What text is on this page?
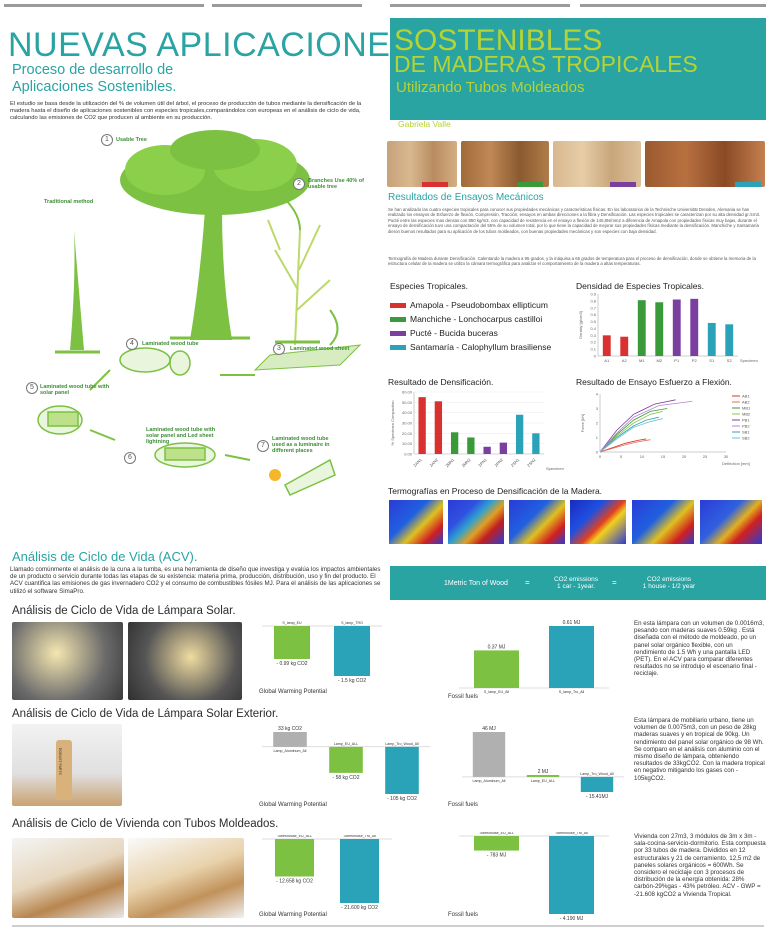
NUEVAS APLICACIONES
SOSTENIBLES
DE MADERAS TROPICALES
Utilizando Tubos Moldeados
Gabriela Valle
Proceso de desarrollo de
Aplicaciones Sostenibles.
El estudio se basa desde la utilización del % de volumen útil del árbol, el proceso de producción de tubos mediante la densificación de la madera hasta el diseño de aplicaciones sostenibles con especies tropicales,comparándolos con europeas en el análisis de ciclo de vida, calculando las emisiones de CO2 que producen al ambiente en su producción.
Traditional method
1	Usable Tree
2	Branches Use 40% of usable tree
3	Laminated wood sheet
4	Laminated wood tube
5	Laminated wood tube with solar panel
6
Laminated wood tube with solar panel and Led sheet lightning	7
Laminated wood tube used as a luminaire in different places
Resultados de Ensayos Mecánicos
Se han analizado las cuatro especies tropicales para conocer sus propiedades mecánicas y características físicas. En los laboratorios de la Technische Universität Dresden, Alemania se han realizado los ensayos de Esfuerzo de flexión, Compresión, Tracción, ensayos en ambas direcciones a la fibra y Densificación. Las especies tropicales se caracterizan por su alta densidad gr./cm3. Pucté entre las especies mas densas con 850 kg/m3, con capacidad de resistencia en el ensayo a flexión de 145,8N/mm2 a diferencia de Amapola con propiedades físicas muy bajas, durante el ensayo de densificación tuvo una compactación del 55% de su volumen total, por lo que tiene la capacidad de mejorar sus propiedades físicas mediante la densificación. Manchiche y Santamaría dieron buenos resultados para su aplicación de los tubos moldeados, con buenas propiedades mecánicas y son especies con baja densidad.
Termografía de Madera durante Densificación. Calentando la madera a 95 grados, y la máquina a 65 grados de temperatura para el proceso de densificación, donde se obtiene la memoria de la estructura celular de la madera se utilizo la cámara termográfica para analizar el comportamiento de la madera a altas temperaturas.
Especies Tropicales.
Amapola - Pseudobombax ellipticum
Manchiche - Lonchocarpus castilloi
Pucté - Bucida buceras
Santamaría - Calophyllum brasiliense
Densidad de Especies Tropicales.
0
0.1
0.2
0.3
0.4
0.5
0.6
0.7
0.8
0.9
A1	A2	M1	M2	P1	P2	S1	S2
Density [g/cm3]
Specimen
Resultado de Densificación.
0.00
10.00
20.00
30.00
40.00
50.00
60.00
2AN1 2AN2 2MN1 2MN2 2PN1 2PN2 2SN1 2SN2
% Specimen Compaction
Specimen
Resultado de Ensayo Esfuerzo a Flexión.
0
1
2
3
4
0	5	10	15	20	25	30
AB1
AB2
MB1
MB2
PB1
PB2
SB1
SB2
Force [kN]
Deflection [mm]
Termografías en Proceso de Densificación de la Madera.
Análisis de Ciclo de Vida (ACV).
Llamado comúnmente el análisis de la cuna a la tumba, es una herramienta de diseño que investiga y evalúa los impactos ambientales de un producto o servicio durante todas las etapas de su existencia: materia prima, producción, distribución, uso y fin del producto. El ACV cuantifica las emisiones de gas invernadero CO2 y el consumo de combustibles fósiles MJ. Para el análisis de las aplicaciones se utilizó el software SimaPro.
1Metric Ton of Wood =	CO2 emissions
1 car - 1year.	=	CO2 emissions
1 house - 1/2 year
Análisis de Ciclo de Vida de Lámpara Solar.
S_lamp_EU
- 0.99 kg CO2
S_lamp_TRO
- 1.5 kg CO2
Global Warming Potential	S_lamp_EU_All
0.37 MJ
S_lamp_Tro_All
0.61 MJ
Fossil fuels
En esta lámpara con un volumen de 0.0016m3, pesando con maderas suaves 0.59kg . Está diseñada con el método de moldeado, po un panel solar orgánico flexible, con un rendimiento de 1.5 Wh y una pantalla LED (PET). En el ACV para comparar diferentes resultados no se introdujo el escenario final - reciclaje.
Análisis de Ciclo de Vida de Lámpara Solar Exterior.
ROBUST PARTS	Lamp_Aluminum_All
33 kg CO2
Lamp_EU_ALL
- 58 kg CO2
Lamp_Tro_Wood_All
- 105 kg CO2
Global Warming Potential
Lamp_Aluminum_All
46 MJ
Lamp_EU_ALL
2 MJ	Lamp_Tro_Wood_All
- 15.41MJ
Fossil fuels
Esta lámpara de mobiliario urbano, tiene un volumen de 0.0075m3, con un peso de 28kg maderas suaves y en tropical de 90kg. Un rendimiento del panel solar orgánico de 98 Wh. Se comparo en el análisis con aluminio con el mismo diseño de lámpara, obteniendo resultados de 33kgCO2. Con la madera tropical en negativo mitigando los gases con - 105kgCO2.
Análisis de Ciclo de Vivienda con Tubos Moldeados.
Tubeshouse_EU_ALL
- 12.658 kg CO2
Tubeshouse_Tro_All
- 21.600 kg CO2
Global Warming Potential
Tubeshouse_EU_ALL
- 783 MJ
Tubeshouse_Tro_All
- 4.190 MJ
Fossil fuels
Vivienda con 27m3, 3 módulos de 3m x 3m - sala-cocina-servicio-dormitorio. Esta compuesta por 33 tubos de madera. Divididos en 12 estructurales y 21 de cerramiento. 12,5 m2 de paneles solares orgánicos = 600Wh. Se considero el reciclaje con 3 procesos de distribución de la energía obtenida: 28% carbón-29%gas - 43% petróleo. ACV - GWP = -21.608 kgCO2 a Vivienda Tropical.
